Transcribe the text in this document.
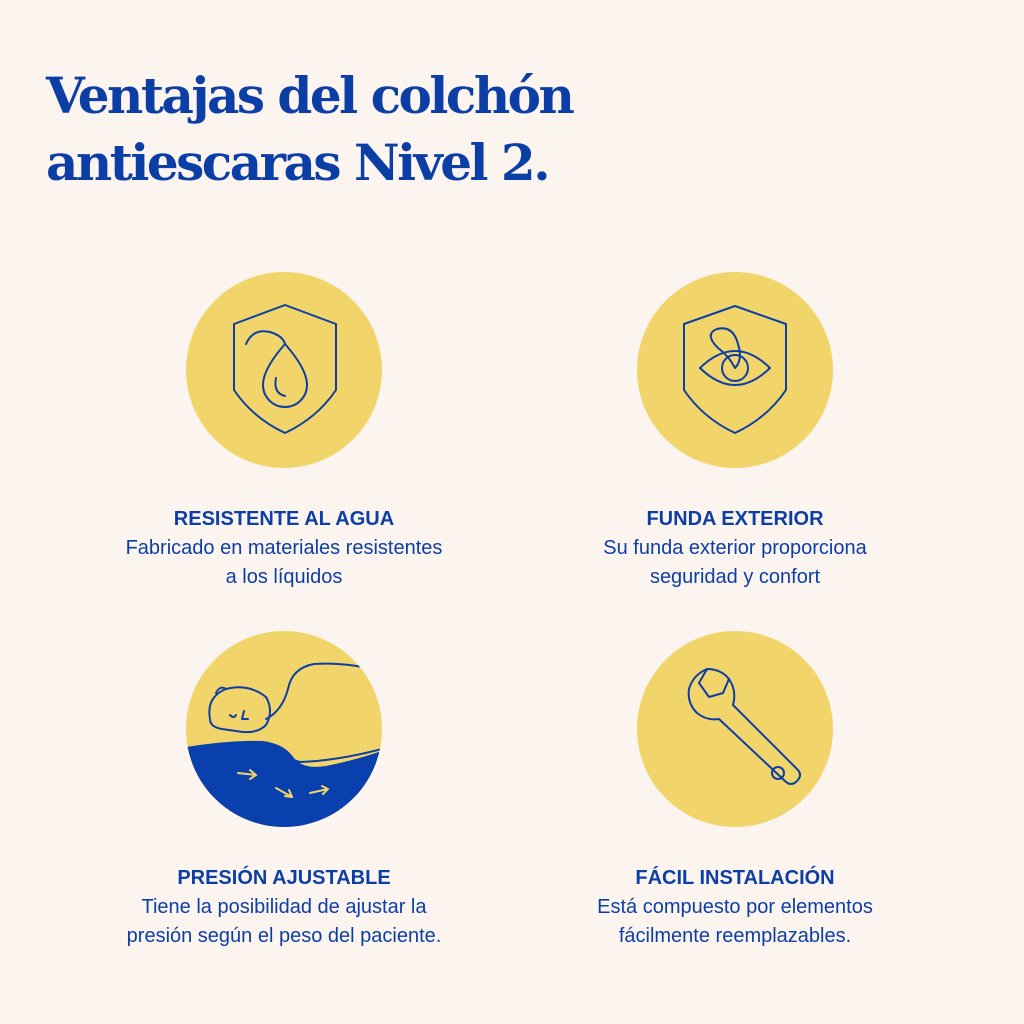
Ventajas del colchón
antiescaras Nivel 2.
RESISTENTE AL AGUA
Fabricado en materiales resistentes
a los líquidos
FUNDA EXTERIOR
Su funda exterior proporciona
seguridad y confort
PRESIÓN AJUSTABLE
Tiene la posibilidad de ajustar la
presión según el peso del paciente.
FÁCIL INSTALACIÓN
Está compuesto por elementos
fácilmente reemplazables.
